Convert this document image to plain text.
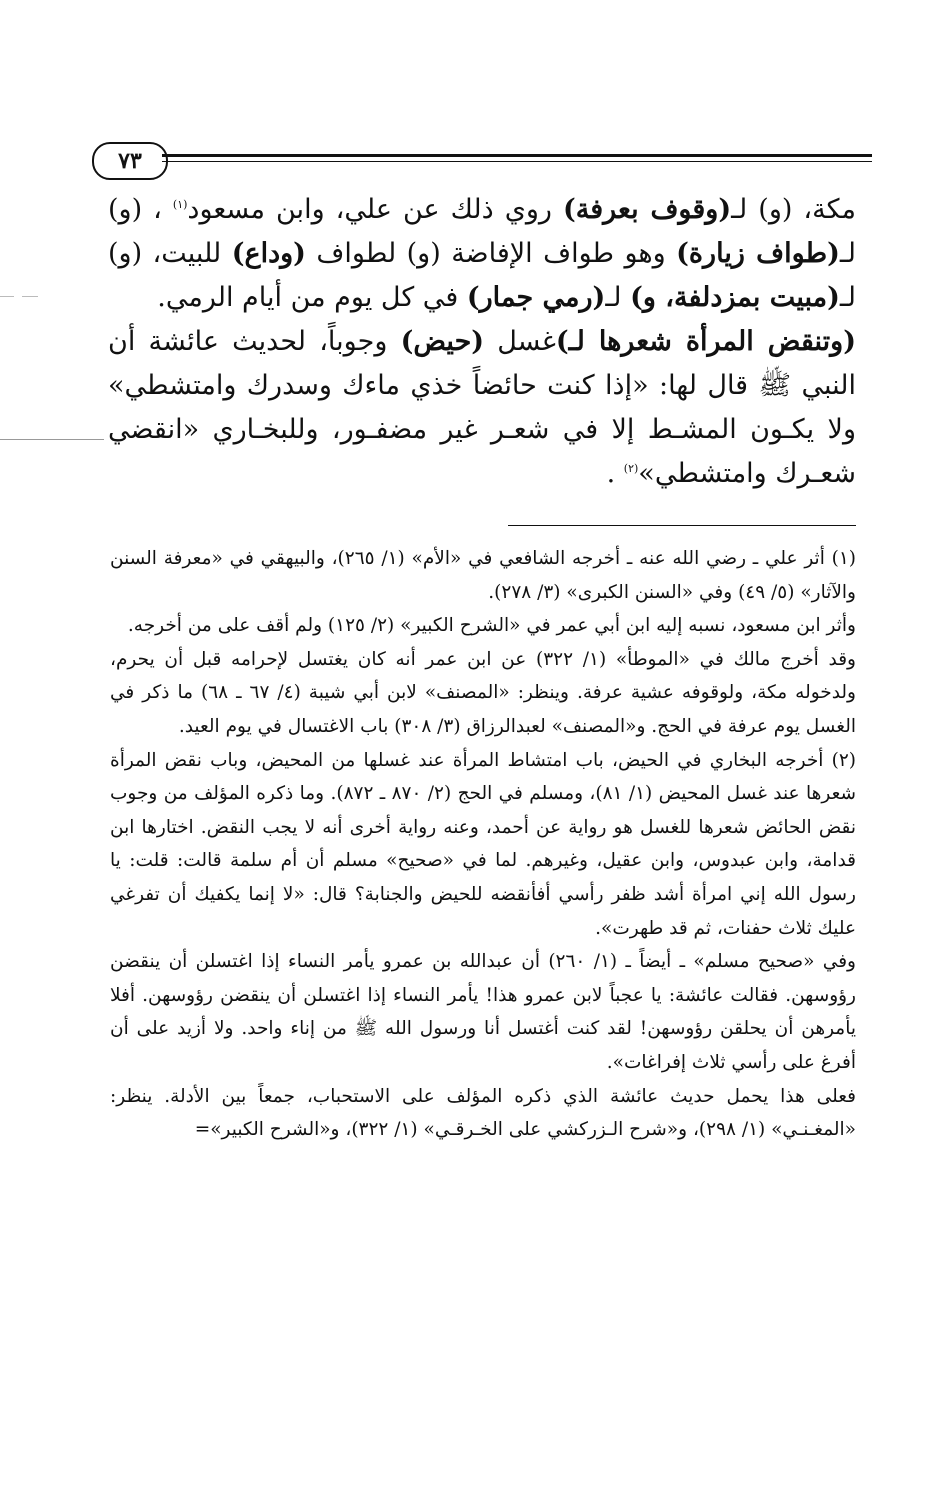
٧٣

مكة، (و) لـ(وقوف بعرفة) روي ذلك عن علي، وابن مسعود$^{(١)}$ ، (و) لـ(طواف زيارة) وهو طواف الإفاضة (و) لطواف (وداع) للبيت، (و) لـ(مبيت بمزدلفة، و) لـ(رمي جمار) في كل يوم من أيام الرمي.

(وتنقض المرأة شعرها لـ)غسل (حيض) وجوباً، لحديث عائشة أن النبي ﷺ قال لها: «إذا كنت حائضاً خذي ماءك وسدرك وامتشطي» ولا يكـون المشـط إلا في شعـر غير مضفـور، وللبخـاري «انقضي شعـرك وامتشطي»$^{(٢)}$ .

(١) أثر علي ـ رضي الله عنه ـ أخرجه الشافعي في «الأم» (١/ ٢٦٥)، والبيهقي في «معرفة السنن والآثار» (٥/ ٤٩) وفي «السنن الكبرى» (٣/ ٢٧٨).

وأثر ابن مسعود، نسبه إليه ابن أبي عمر في «الشرح الكبير» (٢/ ١٢٥) ولم أقف على من أخرجه.

وقد أخرج مالك في «الموطأ» (١/ ٣٢٢) عن ابن عمر أنه كان يغتسل لإحرامه قبل أن يحرم، ولدخوله مكة، ولوقوفه عشية عرفة. وينظر: «المصنف» لابن أبي شيبة (٤/ ٦٧ ـ ٦٨) ما ذكر في الغسل يوم عرفة في الحج. و«المصنف» لعبدالرزاق (٣/ ٣٠٨) باب الاغتسال في يوم العيد.

(٢) أخرجه البخاري في الحيض، باب امتشاط المرأة عند غسلها من المحيض، وباب نقض المرأة شعرها عند غسل المحيض (١/ ٨١)، ومسلم في الحج (٢/ ٨٧٠ ـ ٨٧٢). وما ذكره المؤلف من وجوب نقض الحائض شعرها للغسل هو رواية عن أحمد، وعنه رواية أخرى أنه لا يجب النقض. اختارها ابن قدامة، وابن عبدوس، وابن عقيل، وغيرهم. لما في «صحيح» مسلم أن أم سلمة قالت: قلت: يا رسول الله إني امرأة أشد ظفر رأسي أفأنقضه للحيض والجنابة؟ قال: «لا إنما يكفيك أن تفرغي عليك ثلاث حفنات، ثم قد طهرت».

وفي «صحيح مسلم» ـ أيضاً ـ (١/ ٢٦٠) أن عبدالله بن عمرو يأمر النساء إذا اغتسلن أن ينقضن رؤوسهن. فقالت عائشة: يا عجباً لابن عمرو هذا! يأمر النساء إذا اغتسلن أن ينقضن رؤوسهن. أفلا يأمرهن أن يحلقن رؤوسهن! لقد كنت أغتسل أنا ورسول الله ﷺ من إناء واحد. ولا أزيد على أن أفرغ على رأسي ثلاث إفراغات».

فعلى هذا يحمل حديث عائشة الذي ذكره المؤلف على الاستحباب، جمعاً بين الأدلة. ينظر: «المغـنـي» (١/ ٢٩٨)، و«شرح الـزركشي على الخـرقـي» (١/ ٣٢٢)، و«الشرح الكبير»=
